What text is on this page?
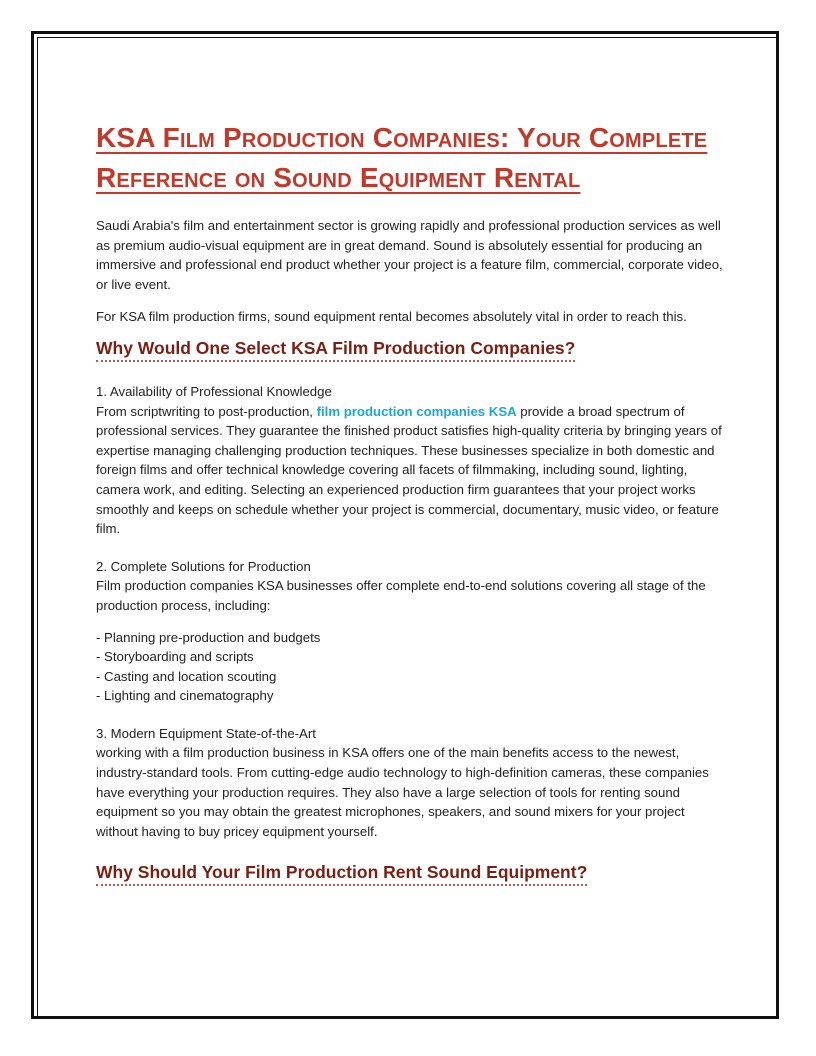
KSA Film Production Companies: Your Complete Reference on Sound Equipment Rental

Saudi Arabia's film and entertainment sector is growing rapidly and professional production services as well as premium audio-visual equipment are in great demand. Sound is absolutely essential for producing an immersive and professional end product whether your project is a feature film, commercial, corporate video, or live event.

For KSA film production firms, sound equipment rental becomes absolutely vital in order to reach this.

Why Would One Select KSA Film Production Companies?

1. Availability of Professional Knowledge

From scriptwriting to post-production, film production companies KSA provide a broad spectrum of professional services. They guarantee the finished product satisfies high-quality criteria by bringing years of expertise managing challenging production techniques. These businesses specialize in both domestic and foreign films and offer technical knowledge covering all facets of filmmaking, including sound, lighting, camera work, and editing. Selecting an experienced production firm guarantees that your project works smoothly and keeps on schedule whether your project is commercial, documentary, music video, or feature film.

2. Complete Solutions for Production

Film production companies KSA businesses offer complete end-to-end solutions covering all stage of the production process, including:

- Planning pre-production and budgets
- Storyboarding and scripts
- Casting and location scouting
- Lighting and cinematography

3. Modern Equipment State-of-the-Art

working with a film production business in KSA offers one of the main benefits access to the newest, industry-standard tools. From cutting-edge audio technology to high-definition cameras, these companies have everything your production requires. They also have a large selection of tools for renting sound equipment so you may obtain the greatest microphones, speakers, and sound mixers for your project without having to buy pricey equipment yourself.

Why Should Your Film Production Rent Sound Equipment?
